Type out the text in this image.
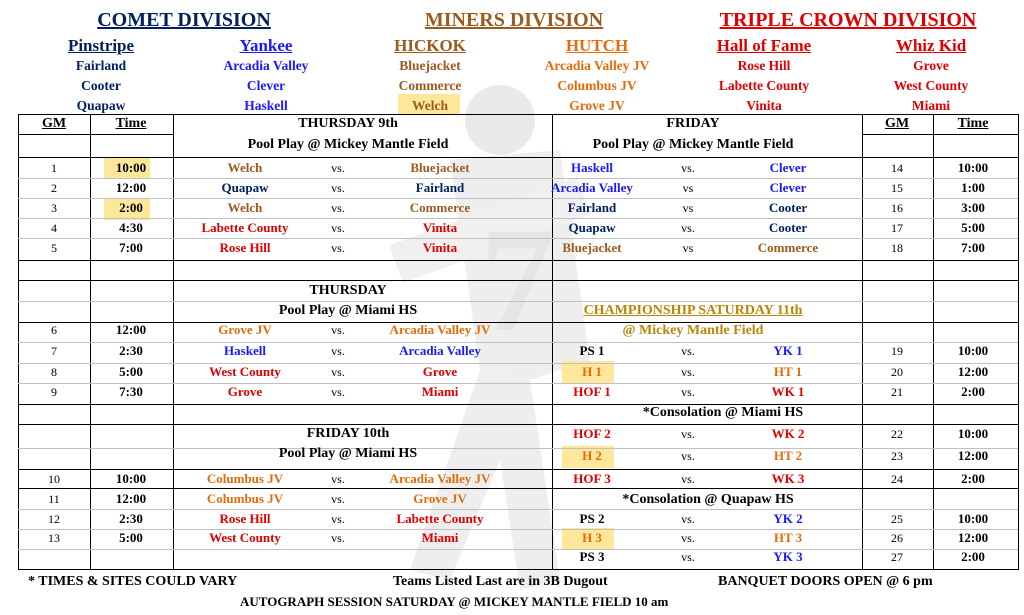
7
COMET DIVISION	MINERS DIVISION	TRIPLE CROWN DIVISION
Pinstripe
Fairland
Cooter
Quapaw
Yankee
Arcadia Valley
Clever
Haskell
HICKOK
Bluejacket
Commerce
Welch
HUTCH
Arcadia Valley JV
Columbus JV
Grove JV
Hall of Fame
Rose Hill
Labette County
Vinita
Whiz Kid
Grove
West County
Miami
GM	Time	THURSDAY 9th	FRIDAY	GM	Time
Pool Play @ Mickey Mantle Field	Pool Play @ Mickey Mantle Field
THURSDAY
Pool Play @ Miami HS	CHAMPIONSHIP SATURDAY 11th
@ Mickey Mantle Field
*Consolation @ Miami HS
FRIDAY 10th
Pool Play @ Miami HS
*Consolation @ Quapaw HS
1	10:00	Welch	vs.	Bluejacket
2	12:00	Quapaw	vs.	Fairland
3	2:00	Welch	vs.	Commerce
4	4:30	Labette County	vs.	Vinita
5	7:00	Rose Hill	vs.	Vinita
6	12:00	Grove JV	vs.	Arcadia Valley JV
7	2:30	Haskell	vs.	Arcadia Valley
8	5:00	West County	vs.	Grove
9	7:30	Grove	vs.	Miami
10	10:00	Columbus JV	vs.	Arcadia Valley JV
11	12:00	Columbus JV	vs.	Grove JV
12	2:30	Rose Hill	vs.	Labette County
13	5:00	West County	vs.	Miami
Haskell	vs.	Clever	14	10:00
Arcadia Valley	vs	Clever	15	1:00
Fairland	vs	Cooter	16	3:00
Quapaw	vs.	Cooter	17	5:00
Bluejacket	vs	Commerce	18	7:00
PS 1	vs.	YK 1	19	10:00
H 1	vs.	HT 1	20	12:00
HOF 1	vs.	WK 1	21	2:00
HOF 2	vs.	WK 2	22	10:00
H 2	vs.	HT 2	23	12:00
HOF 3	vs.	WK 3	24	2:00
PS 2	vs.	YK 2	25	10:00
H 3	vs.	HT 3	26	12:00
PS 3	vs.	YK 3	27	2:00
* TIMES & SITES COULD VARY	Teams Listed Last are in 3B Dugout	BANQUET DOORS OPEN @ 6 pm
AUTOGRAPH SESSION SATURDAY @ MICKEY MANTLE FIELD 10 am
